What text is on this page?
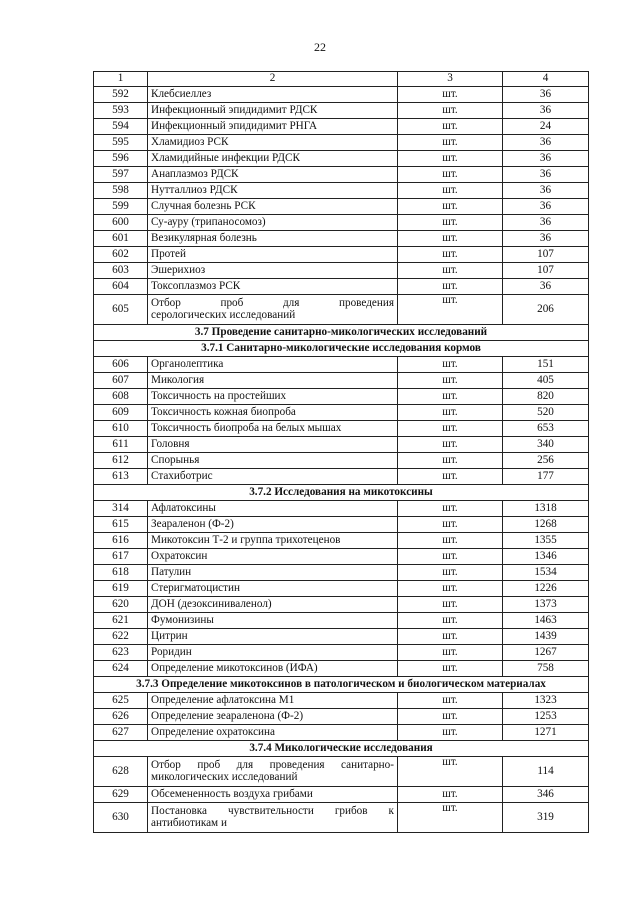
22
1	2	3	4
592	Клебсиеллез	шт.	36
593	Инфекционный эпидидимит РДСК	шт.	36
594	Инфекционный эпидидимит РНГА	шт.	24
595	Хламидиоз РСК	шт.	36
596	Хламидийные инфекции РДСК	шт.	36
597	Анаплазмоз РДСК	шт.	36
598	Нутталлиоз РДСК	шт.	36
599	Случная болезнь РСК	шт.	36
600	Су-ауру (трипаносомоз)	шт.	36
601	Везикулярная болезнь	шт.	36
602	Протей	шт.	107
603	Эшерихиоз	шт.	107
604	Токсоплазмоз РСК	шт.	36
605	Отбор проб для проведения
серологических исследований	шт.	206
3.7 Проведение санитарно-микологических исследований			
3.7.1 Санитарно-микологические исследования кормов			
606	Органолептика	шт.	151
607	Микология	шт.	405
608	Токсичность на простейших	шт.	820
609	Токсичность кожная биопроба	шт.	520
610	Токсичность биопроба на белых мышах	шт.	653
611	Головня	шт.	340
612	Спорынья	шт.	256
613	Стахиботрис	шт.	177
3.7.2 Исследования на микотоксины			
314	Афлатоксины	шт.	1318
615	Зеараленон (Ф-2)	шт.	1268
616	Микотоксин Т-2 и группа трихотеценов	шт.	1355
617	Охратоксин	шт.	1346
618	Патулин	шт.	1534
619	Стеригматоцистин	шт.	1226
620	ДОН (дезоксиниваленол)	шт.	1373
621	Фумонизины	шт.	1463
622	Цитрин	шт.	1439
623	Роридин	шт.	1267
624	Определение микотоксинов (ИФА)	шт.	758
3.7.3 Определение микотоксинов в патологическом и биологическом материалах			
625	Определение афлатоксина М1	шт.	1323
626	Определение зеараленона (Ф-2)	шт.	1253
627	Определение охратоксина	шт.	1271
3.7.4 Микологические исследования			
628	Отбор проб для проведения санитарно-
микологических исследований	шт.	114
629	Обсемененность воздуха грибами	шт.	346
630	Постановка чувствительности грибов к
антибиотикам и	шт.	319
